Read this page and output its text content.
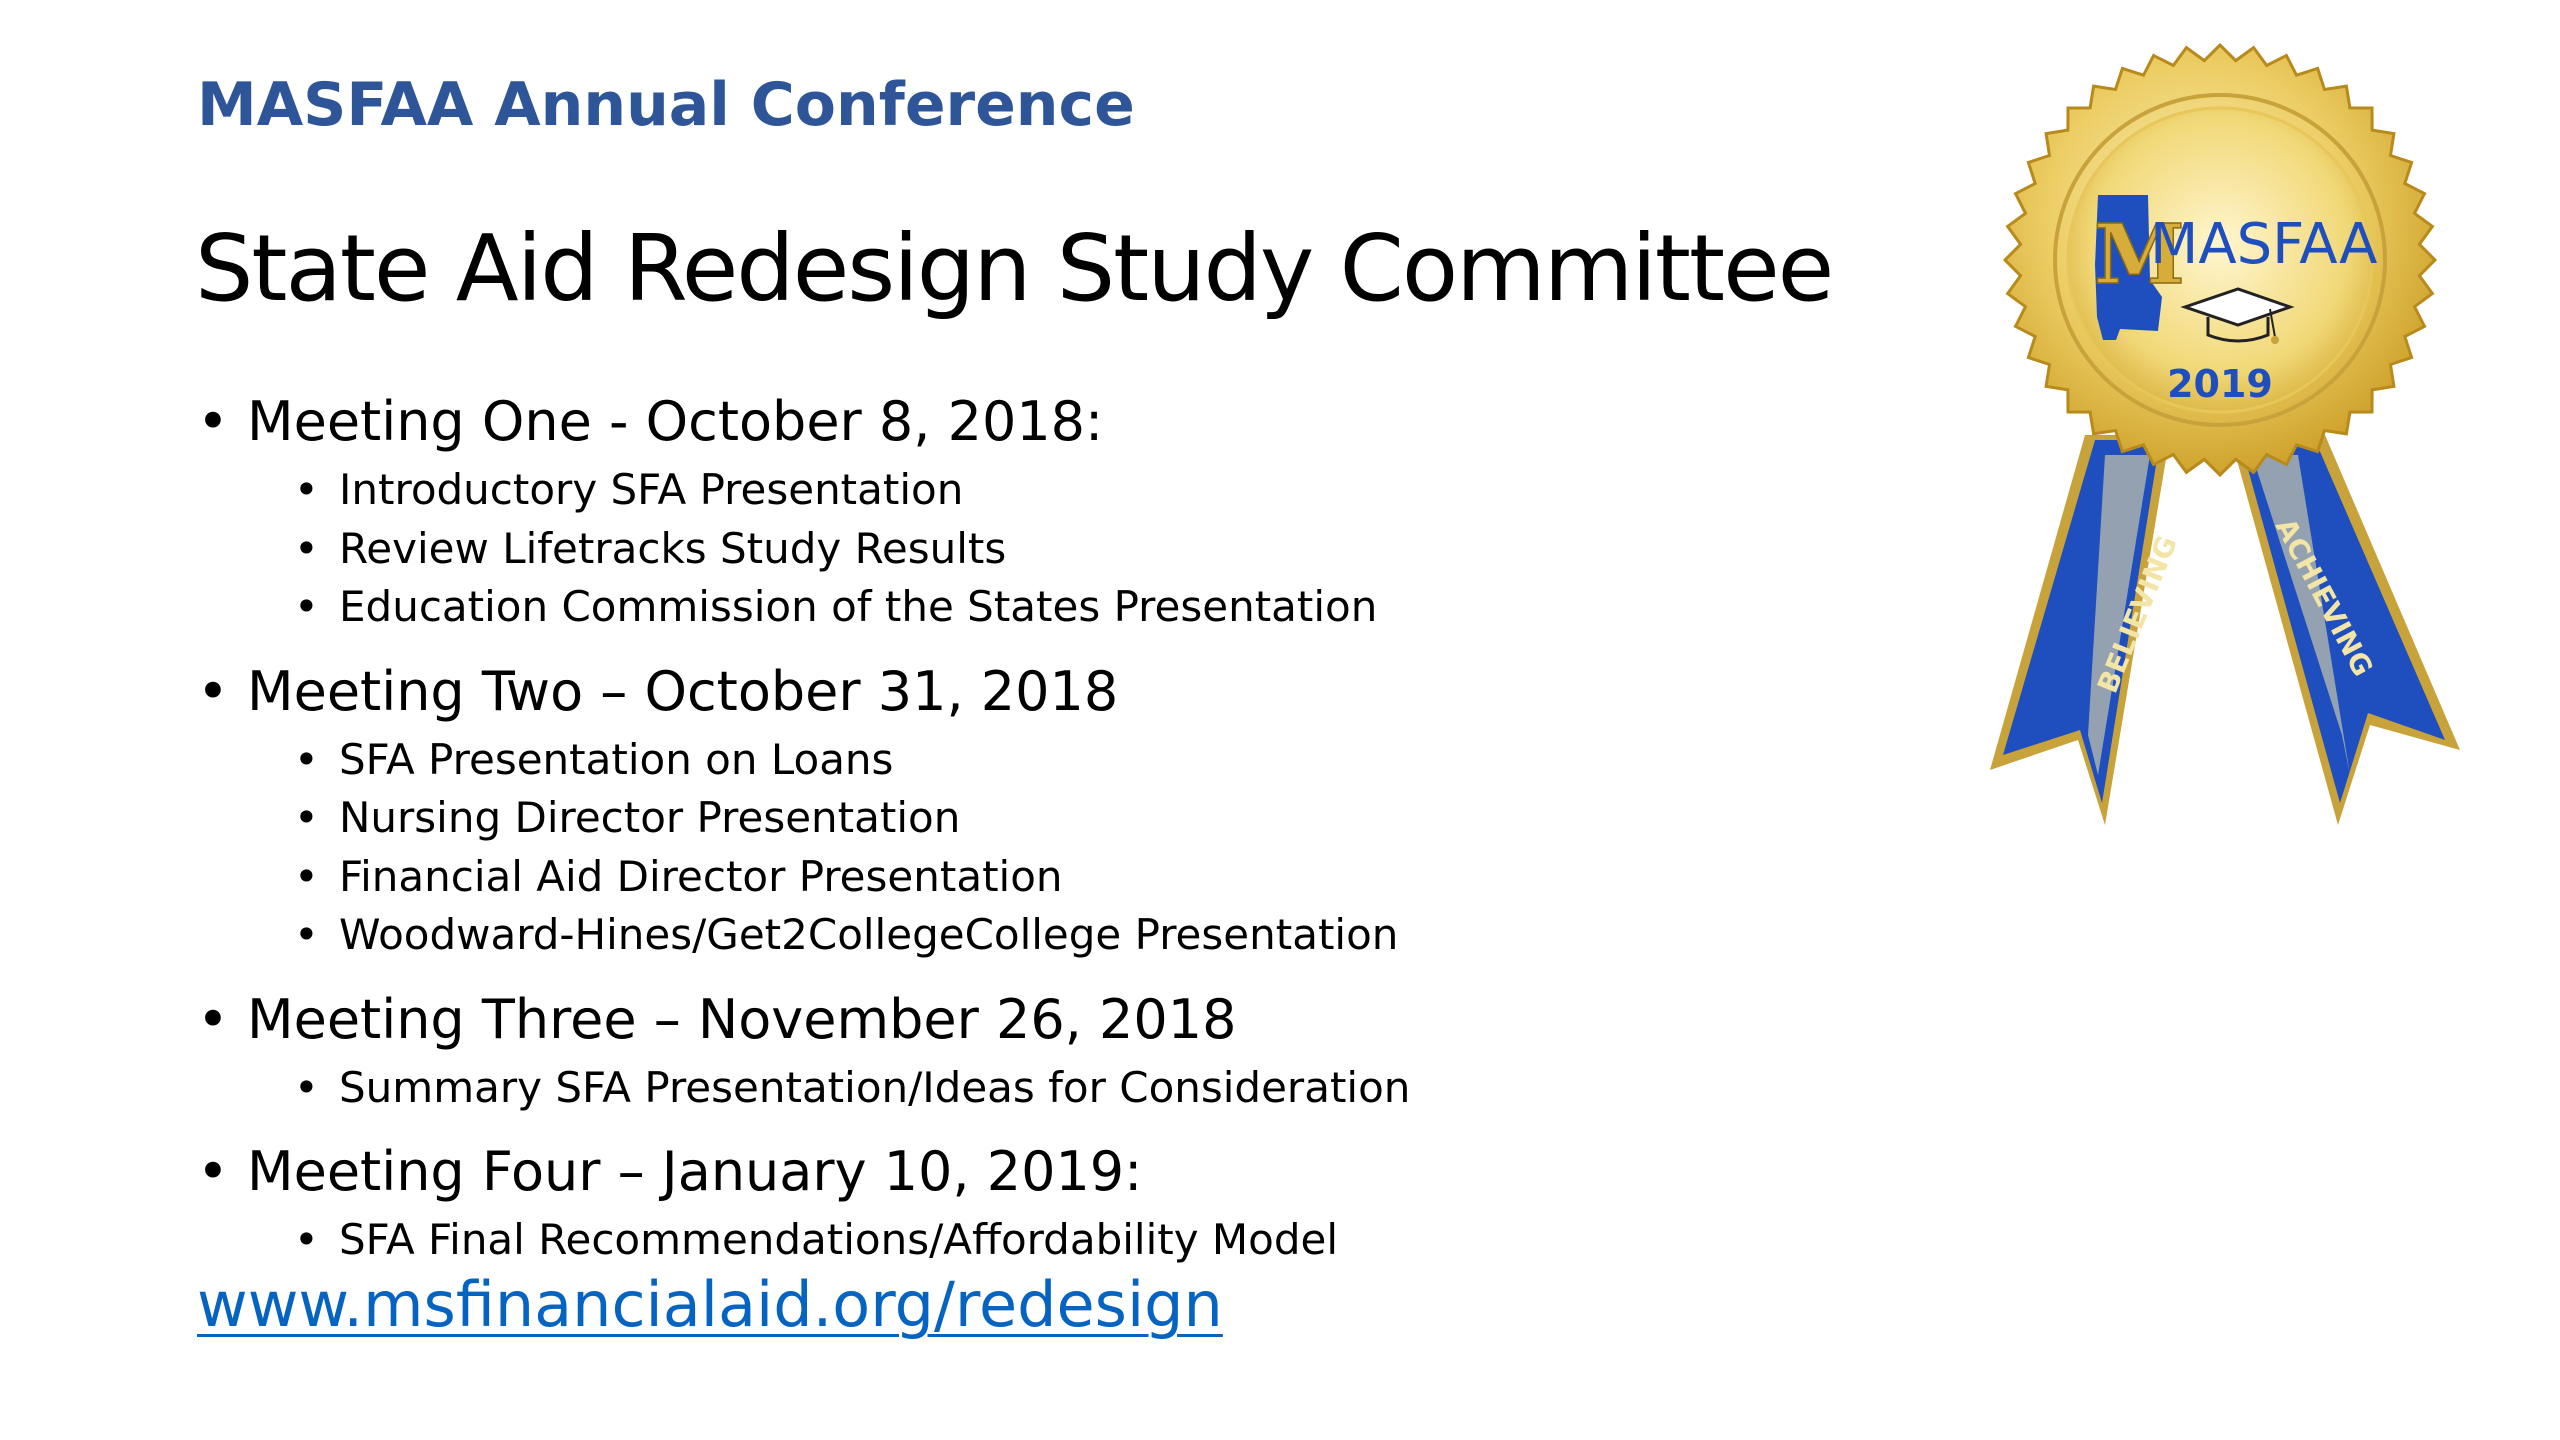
MASFAA Annual Conference
State Aid Redesign Study Committee
• Meeting One - October 8, 2018:
• Introductory SFA Presentation
• Review Lifetracks Study Results
• Education Commission of the States Presentation
• Meeting Two – October 31, 2018
• SFA Presentation on Loans
• Nursing Director Presentation
• Financial Aid Director Presentation
• Woodward-Hines/Get2CollegeCollege Presentation
• Meeting Three – November 26, 2018
• Summary SFA Presentation/Ideas for Consideration
• Meeting Four – January 10, 2019:
• SFA Final Recommendations/Affordability Model
www.msfinancialaid.org/redesign
BELIEVING	ACHIEVING
M
MASFAA
2019
